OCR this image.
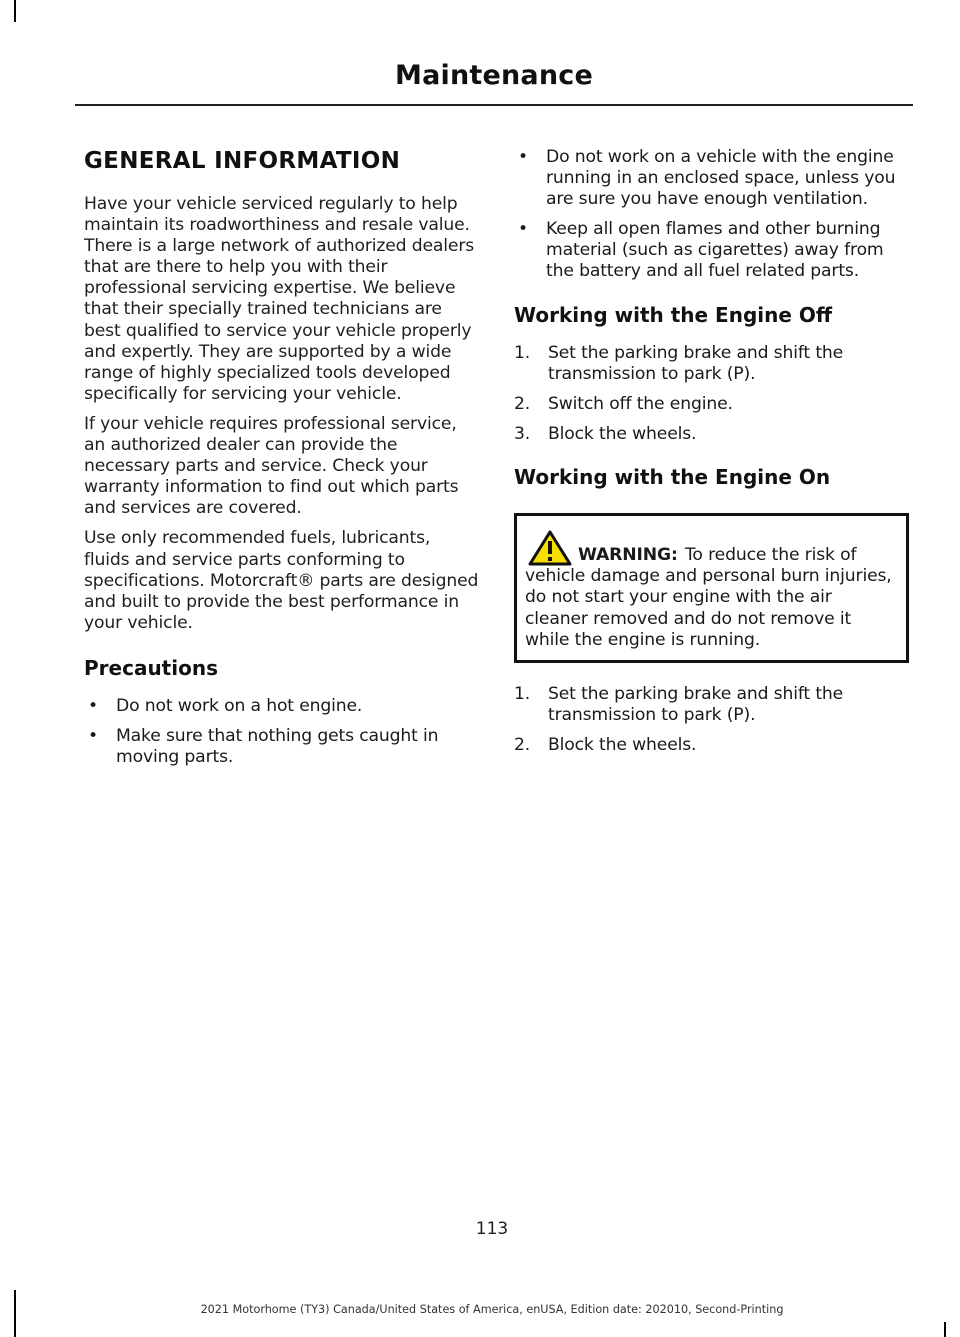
Maintenance
GENERAL INFORMATION

Have your vehicle serviced regularly to help maintain its roadworthiness and resale value. There is a large network of authorized dealers that are there to help you with their professional servicing expertise. We believe that their specially trained technicians are best qualified to service your vehicle properly and expertly. They are supported by a wide range of highly specialized tools developed specifically for servicing your vehicle.

If your vehicle requires professional service, an authorized dealer can provide the necessary parts and service. Check your warranty information to find out which parts and services are covered.

Use only recommended fuels, lubricants, fluids and service parts conforming to specifications. Motorcraft® parts are designed and built to provide the best performance in your vehicle.

Precautions
• Do not work on a hot engine.
• Make sure that nothing gets caught in moving parts.
• Do not work on a vehicle with the engine running in an enclosed space, unless you are sure you have enough ventilation.
• Keep all open flames and other burning material (such as cigarettes) away from the battery and all fuel related parts.
Working with the Engine Off
1. Set the parking brake and shift the transmission to park (P).
2. Switch off the engine.
3. Block the wheels.
Working with the Engine On
WARNING: To reduce the risk of vehicle damage and personal burn injuries, do not start your engine with the air cleaner removed and do not remove it while the engine is running.
1. Set the parking brake and shift the transmission to park (P).
2. Block the wheels.
113
2021 Motorhome (TY3) Canada/United States of America, enUSA, Edition date: 202010, Second-Printing
